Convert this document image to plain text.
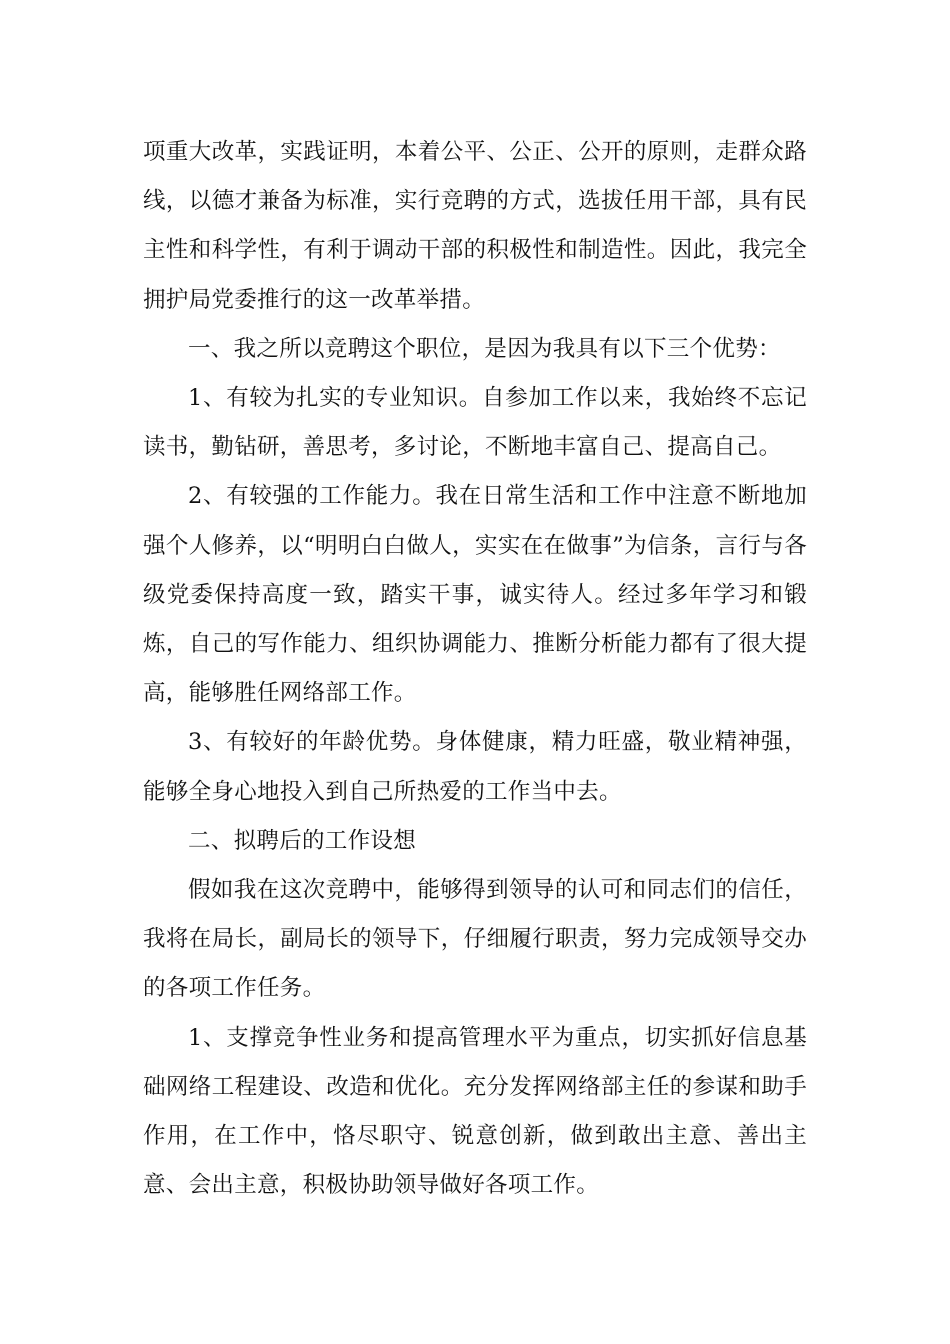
项重大改革，实践证明，本着公平、公正、公开的原则，走群众路线，以德才兼备为标准，实行竞聘的方式，选拔任用干部，具有民主性和科学性，有利于调动干部的积极性和制造性。因此，我完全拥护局党委推行的这一改革举措。

一、我之所以竞聘这个职位，是因为我具有以下三个优势：

1、有较为扎实的专业知识。自参加工作以来，我始终不忘记读书，勤钻研，善思考，多讨论，不断地丰富自己、提高自己。

2、有较强的工作能力。我在日常生活和工作中注意不断地加强个人修养，以“明明白白做人，实实在在做事”为信条，言行与各级党委保持高度一致，踏实干事，诚实待人。经过多年学习和锻炼，自己的写作能力、组织协调能力、推断分析能力都有了很大提高，能够胜任网络部工作。

3、有较好的年龄优势。身体健康，精力旺盛，敬业精神强，能够全身心地投入到自己所热爱的工作当中去。

二、拟聘后的工作设想

假如我在这次竞聘中，能够得到领导的认可和同志们的信任，我将在局长，副局长的领导下，仔细履行职责，努力完成领导交办的各项工作任务。

1、支撑竞争性业务和提高管理水平为重点，切实抓好信息基础网络工程建设、改造和优化。充分发挥网络部主任的参谋和助手作用，在工作中，恪尽职守、锐意创新，做到敢出主意、善出主意、会出主意，积极协助领导做好各项工作。
